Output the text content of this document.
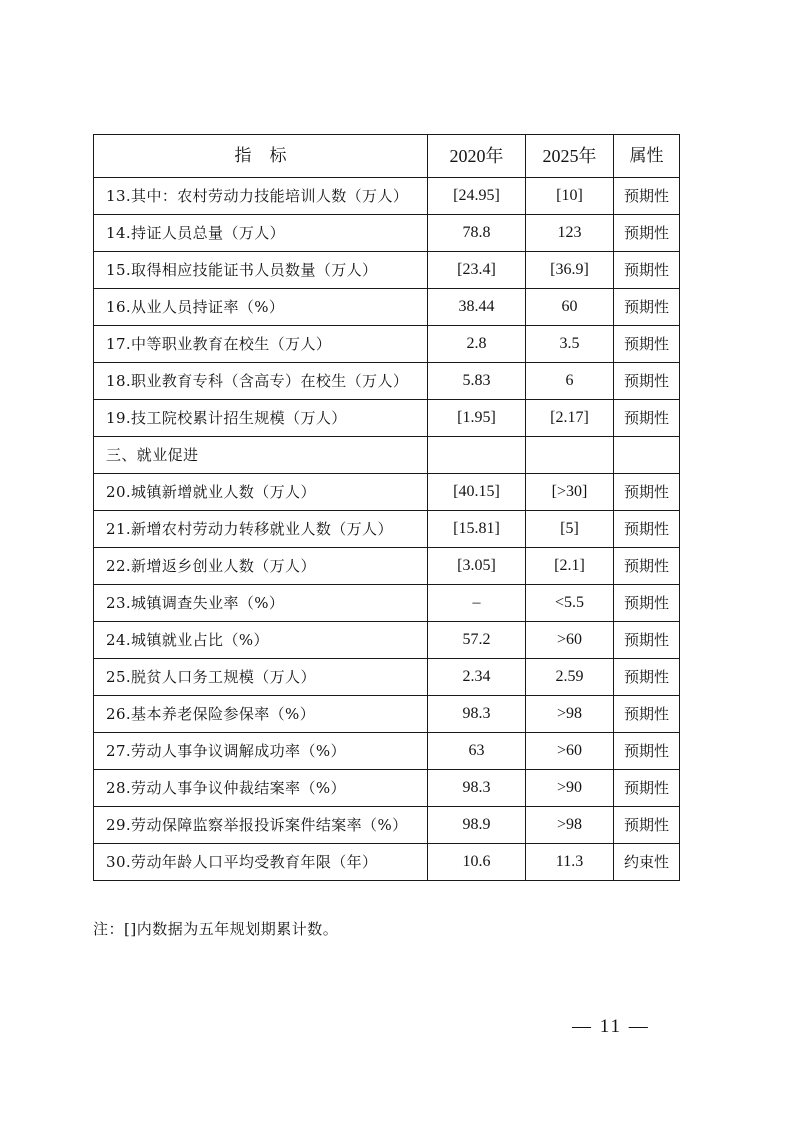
指标	2020年	2025年	属性
13.其中：农村劳动力技能培训人数（万人）	[24.95]	[10]	预期性
14.持证人员总量（万人）	78.8	123	预期性
15.取得相应技能证书人员数量（万人）	[23.4]	[36.9]	预期性
16.从业人员持证率（%）	38.44	60	预期性
17.中等职业教育在校生（万人）	2.8	3.5	预期性
18.职业教育专科（含高专）在校生（万人）	5.83	6	预期性
19.技工院校累计招生规模（万人）	[1.95]	[2.17]	预期性
三、就业促进			
20.城镇新增就业人数（万人）	[40.15]	[>30]	预期性
21.新增农村劳动力转移就业人数（万人）	[15.81]	[5]	预期性
22.新增返乡创业人数（万人）	[3.05]	[2.1]	预期性
23.城镇调查失业率（%）	–	<5.5	预期性
24.城镇就业占比（%）	57.2	>60	预期性
25.脱贫人口务工规模（万人）	2.34	2.59	预期性
26.基本养老保险参保率（%）	98.3	>98	预期性
27.劳动人事争议调解成功率（%）	63	>60	预期性
28.劳动人事争议仲裁结案率（%）	98.3	>90	预期性
29.劳动保障监察举报投诉案件结案率（%）	98.9	>98	预期性
30.劳动年龄人口平均受教育年限（年）	10.6	11.3	约束性
注：[]内数据为五年规划期累计数。
— 11 —
